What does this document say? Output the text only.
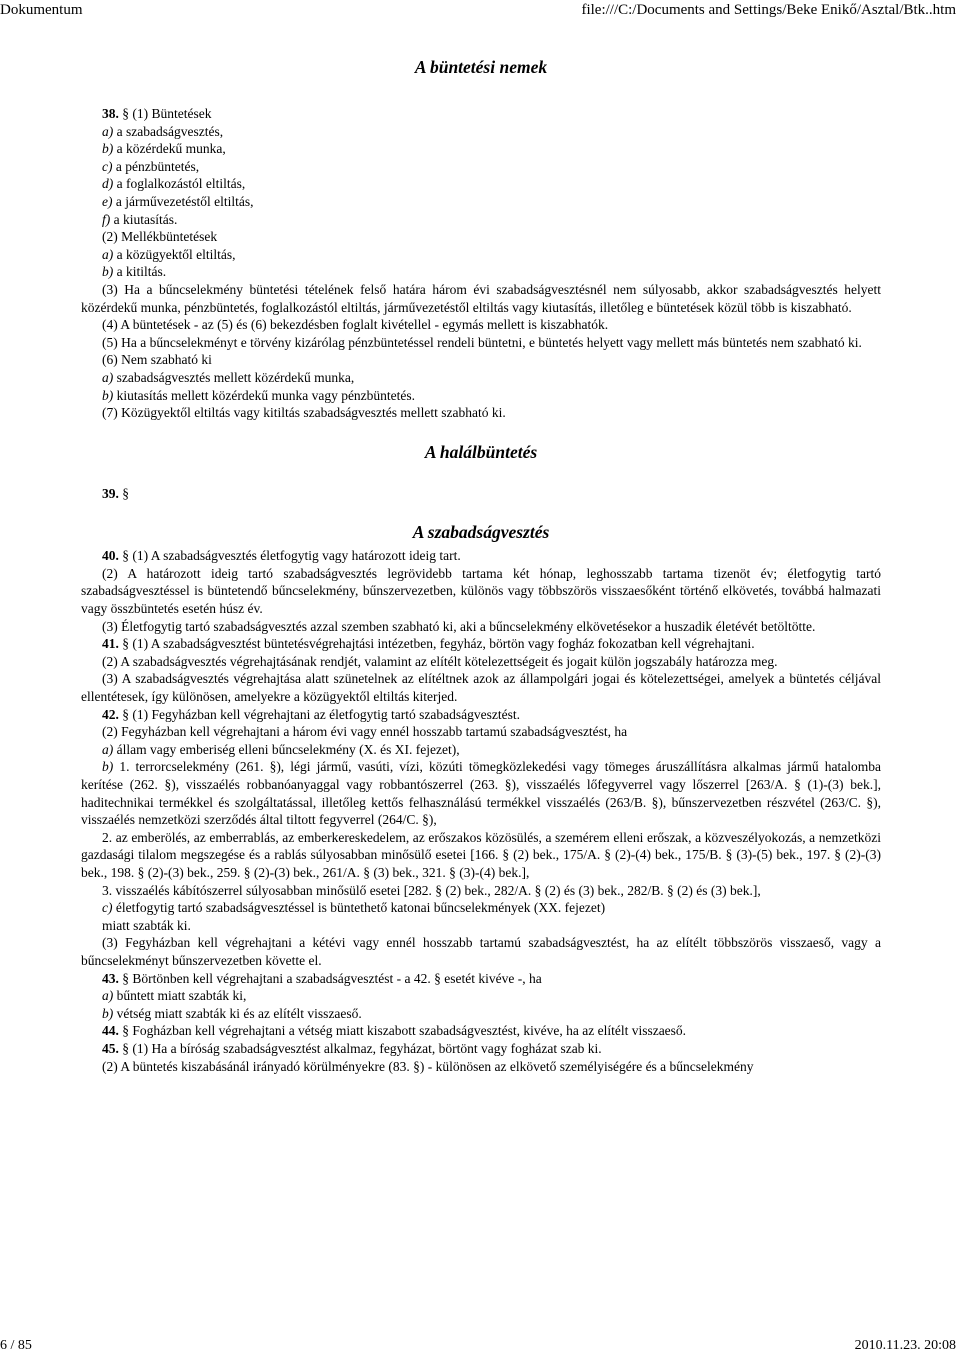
Dokumentum	file:///C:/Documents and Settings/Beke Enikő/Asztal/Btk..htm
A büntetési nemek

38. § (1) Büntetések

a) a szabadságvesztés,

b) a közérdekű munka,

c) a pénzbüntetés,

d) a foglalkozástól eltiltás,

e) a járművezetéstől eltiltás,

f) a kiutasítás.

(2) Mellékbüntetések

a) a közügyektől eltiltás,

b) a kitiltás.

(3) Ha a bűncselekmény büntetési tételének felső határa három évi szabadságvesztésnél nem súlyosabb, akkor szabadságvesztés helyett közérdekű munka, pénzbüntetés, foglalkozástól eltiltás, járművezetéstől eltiltás vagy kiutasítás, illetőleg e büntetések közül több is kiszabható.

(4) A büntetések - az (5) és (6) bekezdésben foglalt kivétellel - egymás mellett is kiszabhatók.

(5) Ha a bűncselekményt e törvény kizárólag pénzbüntetéssel rendeli büntetni, e büntetés helyett vagy mellett más büntetés nem szabható ki.

(6) Nem szabható ki

a) szabadságvesztés mellett közérdekű munka,

b) kiutasítás mellett közérdekű munka vagy pénzbüntetés.

(7) Közügyektől eltiltás vagy kitiltás szabadságvesztés mellett szabható ki.

A halálbüntetés

39. §

A szabadságvesztés

40. § (1) A szabadságvesztés életfogytig vagy határozott ideig tart.

(2) A határozott ideig tartó szabadságvesztés legrövidebb tartama két hónap, leghosszabb tartama tizenöt év; életfogytig tartó szabadságvesztéssel is büntetendő bűncselekmény, bűnszervezetben, különös vagy többszörös visszaesőként történő elkövetés, továbbá halmazati vagy összbüntetés esetén húsz év.

(3) Életfogytig tartó szabadságvesztés azzal szemben szabható ki, aki a bűncselekmény elkövetésekor a huszadik életévét betöltötte.

41. § (1) A szabadságvesztést büntetésvégrehajtási intézetben, fegyház, börtön vagy fogház fokozatban kell végrehajtani.

(2) A szabadságvesztés végrehajtásának rendjét, valamint az elítélt kötelezettségeit és jogait külön jogszabály határozza meg.

(3) A szabadságvesztés végrehajtása alatt szünetelnek az elítéltnek azok az állampolgári jogai és kötelezettségei, amelyek a büntetés céljával ellentétesek, így különösen, amelyekre a közügyektől eltiltás kiterjed.

42. § (1) Fegyházban kell végrehajtani az életfogytig tartó szabadságvesztést.

(2) Fegyházban kell végrehajtani a három évi vagy ennél hosszabb tartamú szabadságvesztést, ha

a) állam vagy emberiség elleni bűncselekmény (X. és XI. fejezet),

b) 1. terrorcselekmény (261. §), légi jármű, vasúti, vízi, közúti tömegközlekedési vagy tömeges áruszállításra alkalmas jármű hatalomba kerítése (262. §), visszaélés robbanóanyaggal vagy robbantószerrel (263. §), visszaélés lőfegyverrel vagy lőszerrel [263/A. § (1)-(3) bek.], haditechnikai termékkel és szolgáltatással, illetőleg kettős felhasználású termékkel visszaélés (263/B. §), bűnszervezetben részvétel (263/C. §), visszaélés nemzetközi szerződés által tiltott fegyverrel (264/C. §),

2. az emberölés, az emberrablás, az emberkereskedelem, az erőszakos közösülés, a szemérem elleni erőszak, a közveszélyokozás, a nemzetközi gazdasági tilalom megszegése és a rablás súlyosabban minősülő esetei [166. § (2) bek., 175/A. § (2)-(4) bek., 175/B. § (3)-(5) bek., 197. § (2)-(3) bek., 198. § (2)-(3) bek., 259. § (2)-(3) bek., 261/A. § (3) bek., 321. § (3)-(4) bek.],

3. visszaélés kábítószerrel súlyosabban minősülő esetei [282. § (2) bek., 282/A. § (2) és (3) bek., 282/B. § (2) és (3) bek.],

c) életfogytig tartó szabadságvesztéssel is büntethető katonai bűncselekmények (XX. fejezet)

miatt szabták ki.

(3) Fegyházban kell végrehajtani a kétévi vagy ennél hosszabb tartamú szabadságvesztést, ha az elítélt többszörös visszaeső, vagy a bűncselekményt bűnszervezetben követte el.

43. § Börtönben kell végrehajtani a szabadságvesztést - a 42. § esetét kivéve -, ha

a) bűntett miatt szabták ki,

b) vétség miatt szabták ki és az elítélt visszaeső.

44. § Fogházban kell végrehajtani a vétség miatt kiszabott szabadságvesztést, kivéve, ha az elítélt visszaeső.

45. § (1) Ha a bíróság szabadságvesztést alkalmaz, fegyházat, börtönt vagy fogházat szab ki.

(2) A büntetés kiszabásánál irányadó körülményekre (83. §) - különösen az elkövető személyiségére és a bűncselekmény

6 / 85	2010.11.23. 20:08
